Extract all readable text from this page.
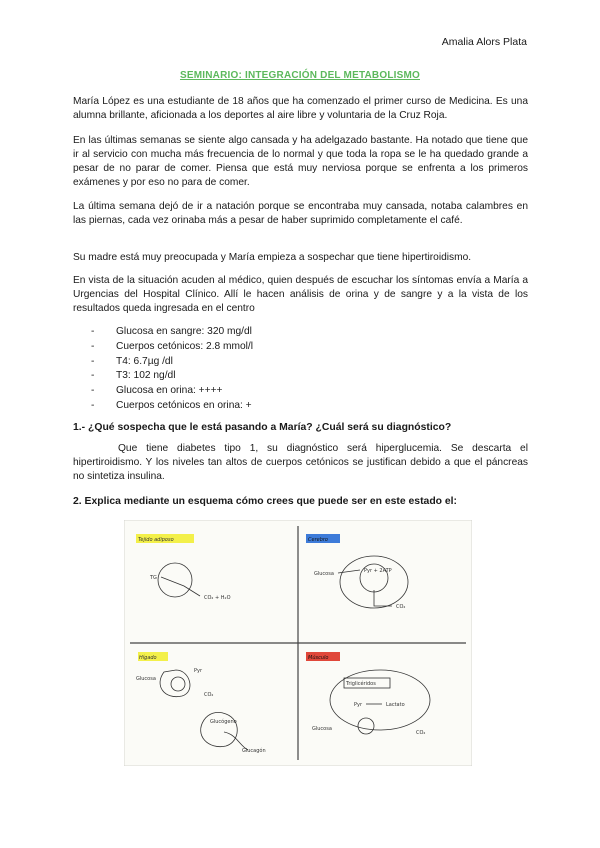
Amalia Alors Plata
SEMINARIO: INTEGRACIÓN DEL METABOLISMO

María López es una estudiante de 18 años que ha comenzado el primer curso de Medicina. Es una alumna brillante, aficionada a los deportes al aire libre y voluntaria de la Cruz Roja.

En las últimas semanas se siente algo cansada y ha adelgazado bastante. Ha notado que tiene que ir al servicio con mucha más frecuencia de lo normal y que toda la ropa se le ha quedado grande a pesar de no parar de comer. Piensa que está muy nerviosa porque se enfrenta a los primeros exámenes y por eso no para de comer.

La última semana dejó de ir a natación porque se encontraba muy cansada, notaba calambres en las piernas, cada vez orinaba más a pesar de haber suprimido completamente el café.

Su madre está muy preocupada y María empieza a sospechar que tiene hipertiroidismo.

En vista de la situación acuden al médico, quien después de escuchar los síntomas envía a María a Urgencias del Hospital Clínico. Allí le hacen análisis de orina y de sangre y a la vista de los resultados queda ingresada en el centro

- Glucosa en sangre: 320 mg/dl
- Cuerpos cetónicos: 2.8 mmol/l
- T4: 6.7µg /dl
- T3: 102 ng/dl
- Glucosa en orina: ++++
- Cuerpos cetónicos en orina: +
1.- ¿Qué sospecha que le está pasando a María? ¿Cuál será su diagnóstico?

Que tiene diabetes tipo 1, su diagnóstico será hiperglucemia. Se descarta el hipertiroidismo. Y los niveles tan altos de cuerpos cetónicos se justifican debido a que el páncreas no sintetiza insulina.

2. Explica mediante un esquema cómo crees que puede ser en este estado el:
Tejido adiposo
TG
CO₂ + H₂O
Cerebro
Glucosa	Pyr + 2ATP
CO₂
Hígado
Glucosa
Pyr
CO₂
Glucógeno
Glucagón
Músculo
Triglicéridos
Pyr	Lactato
Glucosa
CO₂
